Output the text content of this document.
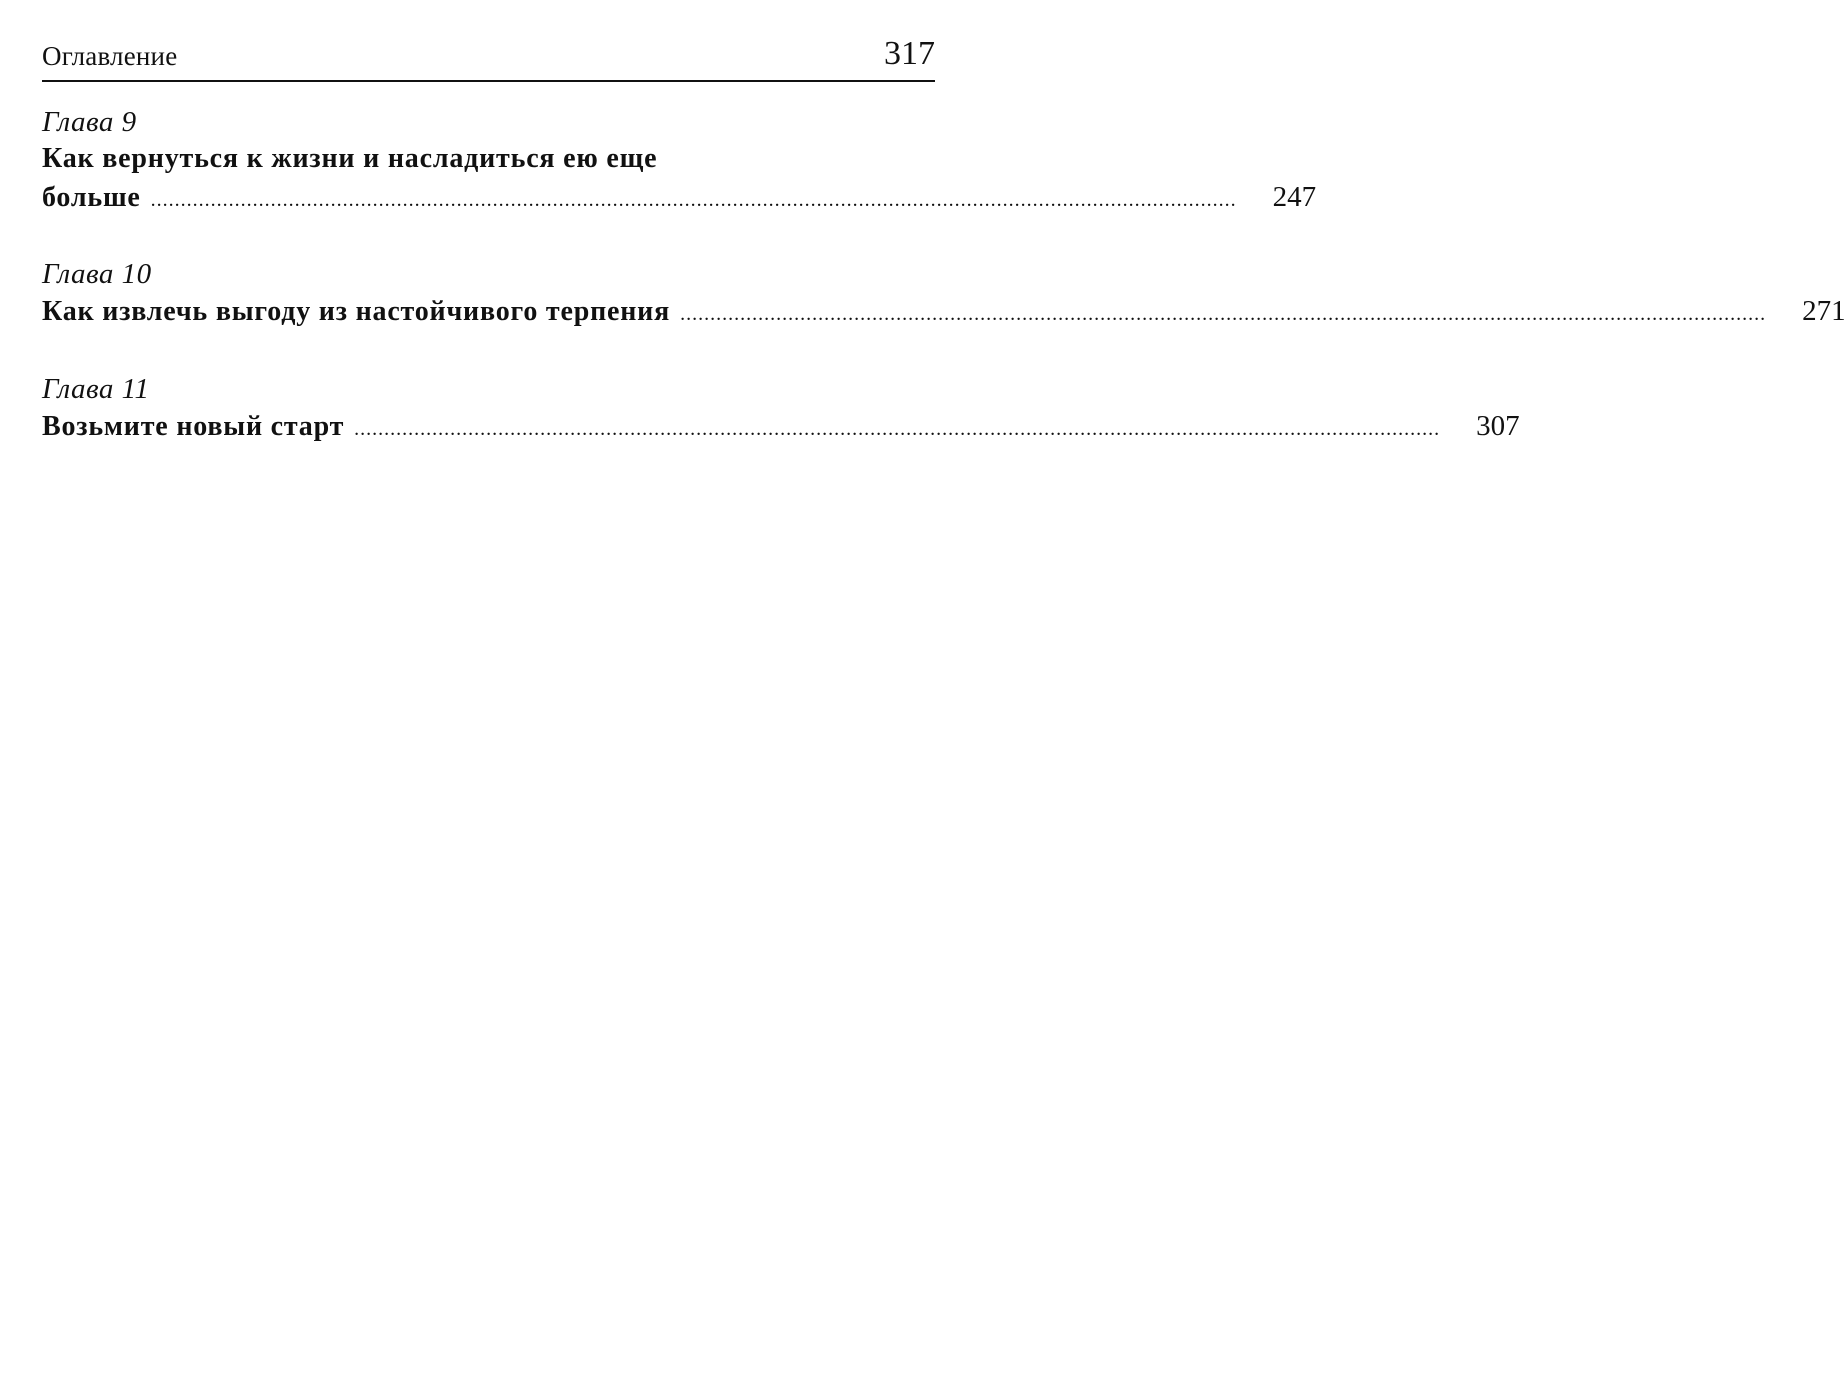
Оглавление	317
Глава 9
Как вернуться к жизни и насладиться ею еще
больше ..................................................................................................................................................................................... 247
Глава 10
Как извлечь выгоду из настойчивого терпения ..................................................................................................................................................................................... 271
Глава 11
Возьмите новый старт ..................................................................................................................................................................................... 307
